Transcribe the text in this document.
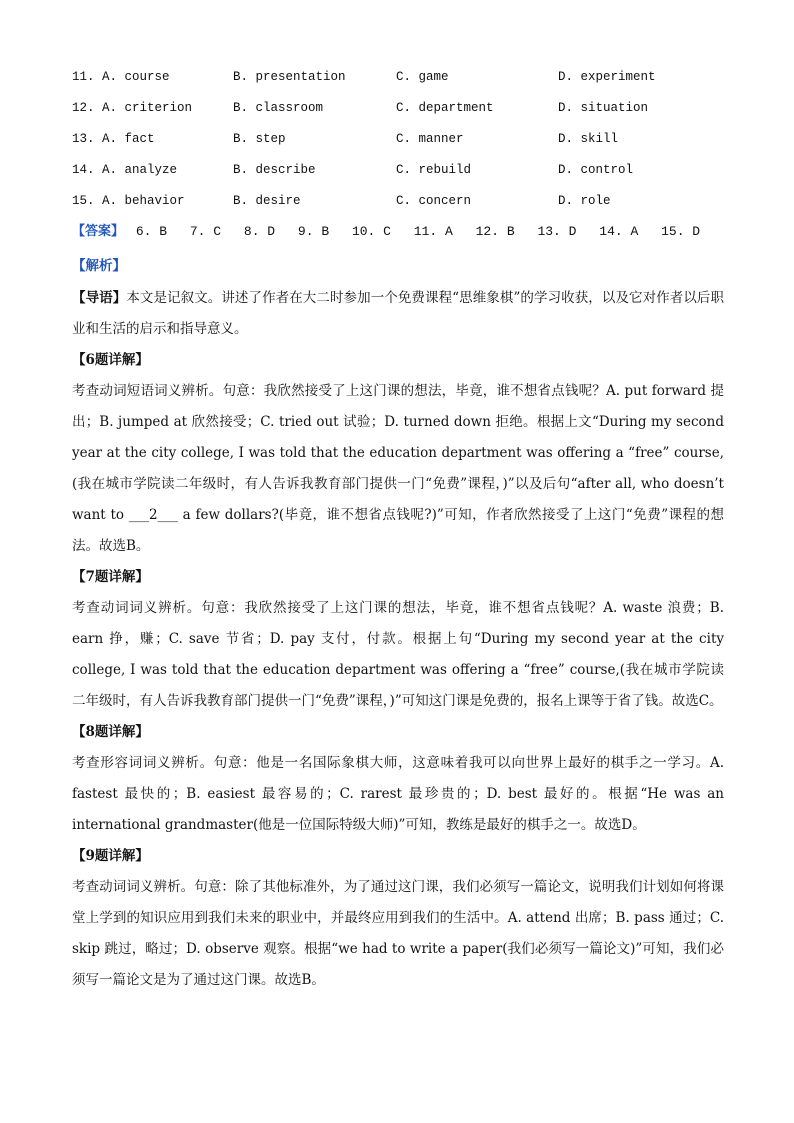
11. A. course	B. presentation	C. game	D. experiment
12. A. criterion	B. classroom	C. department	D. situation
13. A. fact	B. step	C. manner	D. skill
14. A. analyze	B. describe	C. rebuild	D. control
15. A. behavior	B. desire	C. concern	D. role
【答案】 6. B 7. C 8. D 9. B 10. C 11. A 12. B 13. D 14. A 15. D
【解析】

【导语】本文是记叙文。讲述了作者在大二时参加一个免费课程“思维象棋”的学习收获，以及它对作者以后职业和生活的启示和指导意义。

【6题详解】

考查动词短语词义辨析。句意：我欣然接受了上这门课的想法，毕竟，谁不想省点钱呢？A. put forward 提出；B. jumped at 欣然接受；C. tried out 试验；D. turned down 拒绝。根据上文“During my second year at the city college, I was told that the education department was offering a “free” course,(我在城市学院读二年级时，有人告诉我教育部门提供一门“免费”课程，)”以及后句“after all, who doesn’t want to ___2___ a few dollars?(毕竟，谁不想省点钱呢?)”可知，作者欣然接受了上这门“免费”课程的想法。故选B。

【7题详解】

考查动词词义辨析。句意：我欣然接受了上这门课的想法，毕竟，谁不想省点钱呢？A. waste 浪费；B. earn 挣，赚；C. save 节省；D. pay 支付，付款。根据上句“During my second year at the city college, I was told that the education department was offering a “free” course,(我在城市学院读二年级时，有人告诉我教育部门提供一门“免费”课程，)”可知这门课是免费的，报名上课等于省了钱。故选C。

【8题详解】

考查形容词词义辨析。句意：他是一名国际象棋大师，这意味着我可以向世界上最好的棋手之一学习。A. fastest 最快的；B. easiest 最容易的；C. rarest 最珍贵的；D. best 最好的。根据“He was an international grandmaster(他是一位国际特级大师)”可知，教练是最好的棋手之一。故选D。

【9题详解】

考查动词词义辨析。句意：除了其他标准外，为了通过这门课，我们必须写一篇论文，说明我们计划如何将课堂上学到的知识应用到我们未来的职业中，并最终应用到我们的生活中。A. attend 出席；B. pass 通过；C. skip 跳过，略过；D. observe 观察。根据“we had to write a paper(我们必须写一篇论文)”可知，我们必须写一篇论文是为了通过这门课。故选B。
